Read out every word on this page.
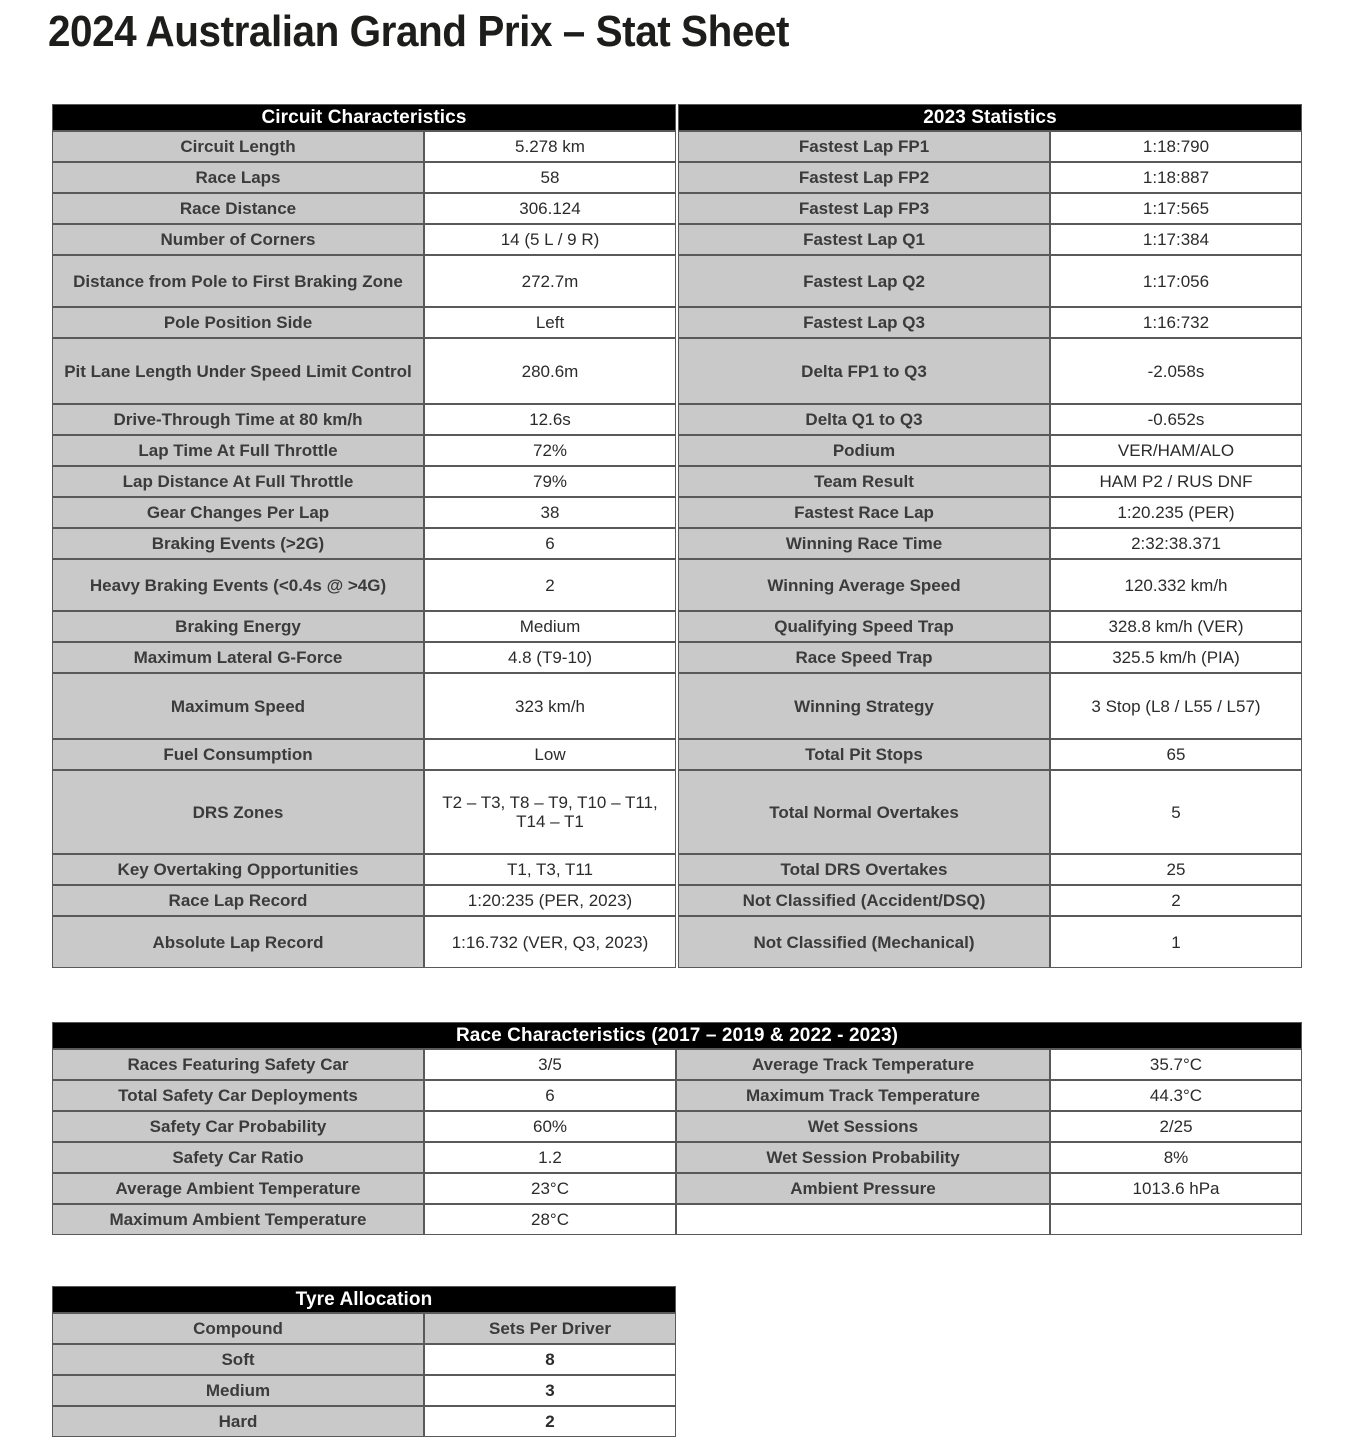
2024 Australian Grand Prix – Stat Sheet
Circuit Characteristics	
Circuit Length	5.278 km
Race Laps	58
Race Distance	306.124
Number of Corners	14 (5 L / 9 R)
Distance from Pole to First Braking Zone	272.7m
Pole Position Side	Left
Pit Lane Length Under Speed Limit Control	280.6m
Drive-Through Time at 80 km/h	12.6s
Lap Time At Full Throttle	72%
Lap Distance At Full Throttle	79%
Gear Changes Per Lap	38
Braking Events (>2G)	6
Heavy Braking Events (<0.4s @ >4G)	2
Braking Energy	Medium
Maximum Lateral G-Force	4.8 (T9-10)
Maximum Speed	323 km/h
Fuel Consumption	Low
DRS Zones	T2 – T3, T8 – T9, T10 – T11, T14 – T1
Key Overtaking Opportunities	T1, T3, T11
Race Lap Record	1:20:235 (PER, 2023)
Absolute Lap Record	1:16.732 (VER, Q3, 2023)
2023 Statistics	
Fastest Lap FP1	1:18:790
Fastest Lap FP2	1:18:887
Fastest Lap FP3	1:17:565
Fastest Lap Q1	1:17:384
Fastest Lap Q2	1:17:056
Fastest Lap Q3	1:16:732
Delta FP1 to Q3	-2.058s
Delta Q1 to Q3	-0.652s
Podium	VER/HAM/ALO
Team Result	HAM P2 / RUS DNF
Fastest Race Lap	1:20.235 (PER)
Winning Race Time	2:32:38.371
Winning Average Speed	120.332 km/h
Qualifying Speed Trap	328.8 km/h (VER)
Race Speed Trap	325.5 km/h (PIA)
Winning Strategy	3 Stop (L8 / L55 / L57)
Total Pit Stops	65
Total Normal Overtakes	5
Total DRS Overtakes	25
Not Classified (Accident/DSQ)	2
Not Classified (Mechanical)	1
Race Characteristics (2017 – 2019 & 2022 - 2023)			
Races Featuring Safety Car	3/5	Average Track Temperature	35.7°C
Total Safety Car Deployments	6	Maximum Track Temperature	44.3°C
Safety Car Probability	60%	Wet Sessions	2/25
Safety Car Ratio	1.2	Wet Session Probability	8%
Average Ambient Temperature	23°C	Ambient Pressure	1013.6 hPa
Maximum Ambient Temperature	28°C		
Tyre Allocation	
Compound	Sets Per Driver
Soft	8
Medium	3
Hard	2
